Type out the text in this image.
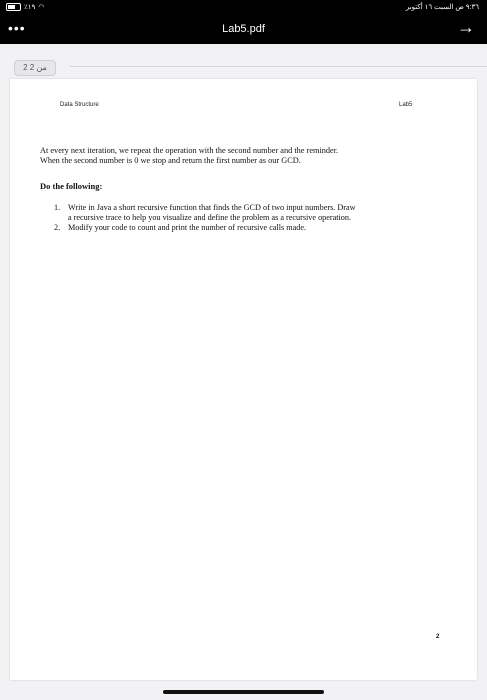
٪١٩ ◠	٩:٣٦ ص السبت ١٦ أكتوبر
•••	Lab5.pdf	→
2 من 2
Data Structure	Lab5
At every next iteration, we repeat the operation with the second number and the reminder.
When the second number is 0 we stop and return the first number as our GCD.
Do the following:
1. Write in Java a short recursive function that finds the GCD of two input numbers. Draw
a recursive trace to help you visualize and define the problem as a recursive operation.
2. Modify your code to count and print the number of recursive calls made.
2
